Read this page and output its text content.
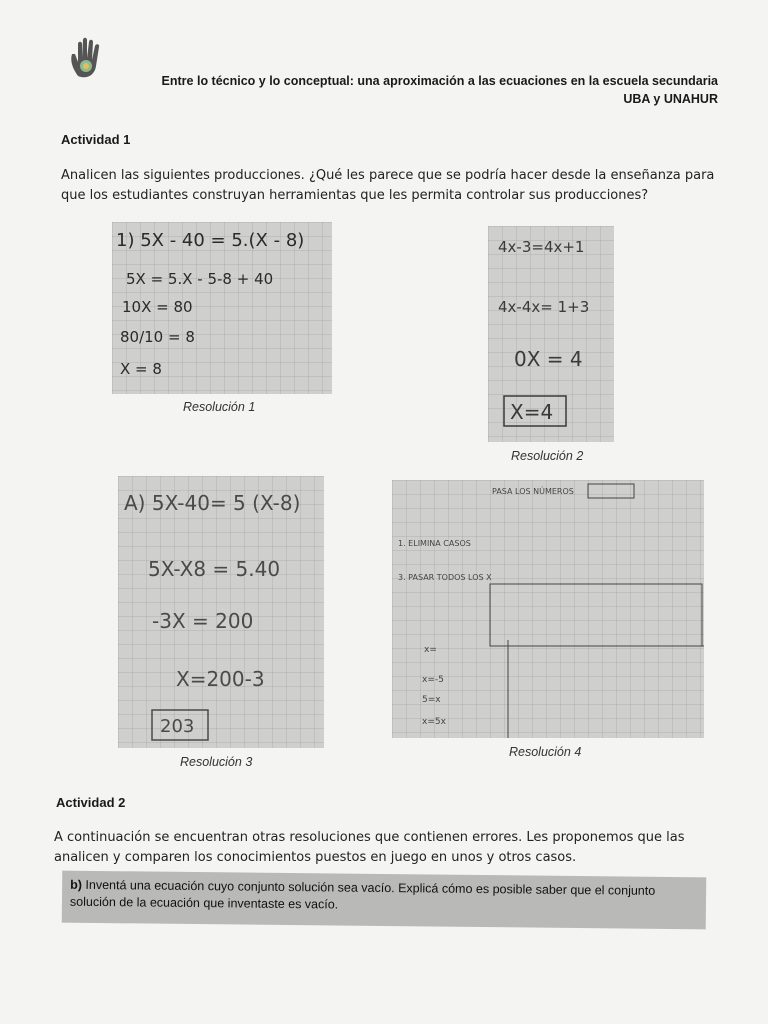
Entre lo técnico y lo conceptual: una aproximación a las ecuaciones en la escuela secundaria
UBA y UNAHUR
Actividad 1
Analicen las siguientes producciones. ¿Qué les parece que se podría hacer desde la enseñanza para que los estudiantes construyan herramientas que les permita controlar sus producciones?
1) 5X - 40 = 5.(X - 8)
5X = 5.X - 5-8 + 40
10X = 80
80/10 = 8
X = 8
Resolución 1
4x-3=4x+1
4x-4x= 1+3
0X = 4
X=4
Resolución 2
A) 5X-40= 5 (X-8)
5X-X8 = 5.40
-3X = 200
X=200-3
203
Resolución 3
PASA LOS NÚMEROS
1. ELIMINA CASOS
3. PASAR TODOS LOS X
x=
x=-5
5=x
x=5x
Resolución 4
Actividad 2
A continuación se encuentran otras resoluciones que contienen errores. Les proponemos que las analicen y comparen los conocimientos puestos en juego en unos y otros casos.
b) Inventá una ecuación cuyo conjunto solución sea vacío. Explicá cómo es posible saber que el conjunto solución de la ecuación que inventaste es vacío.
